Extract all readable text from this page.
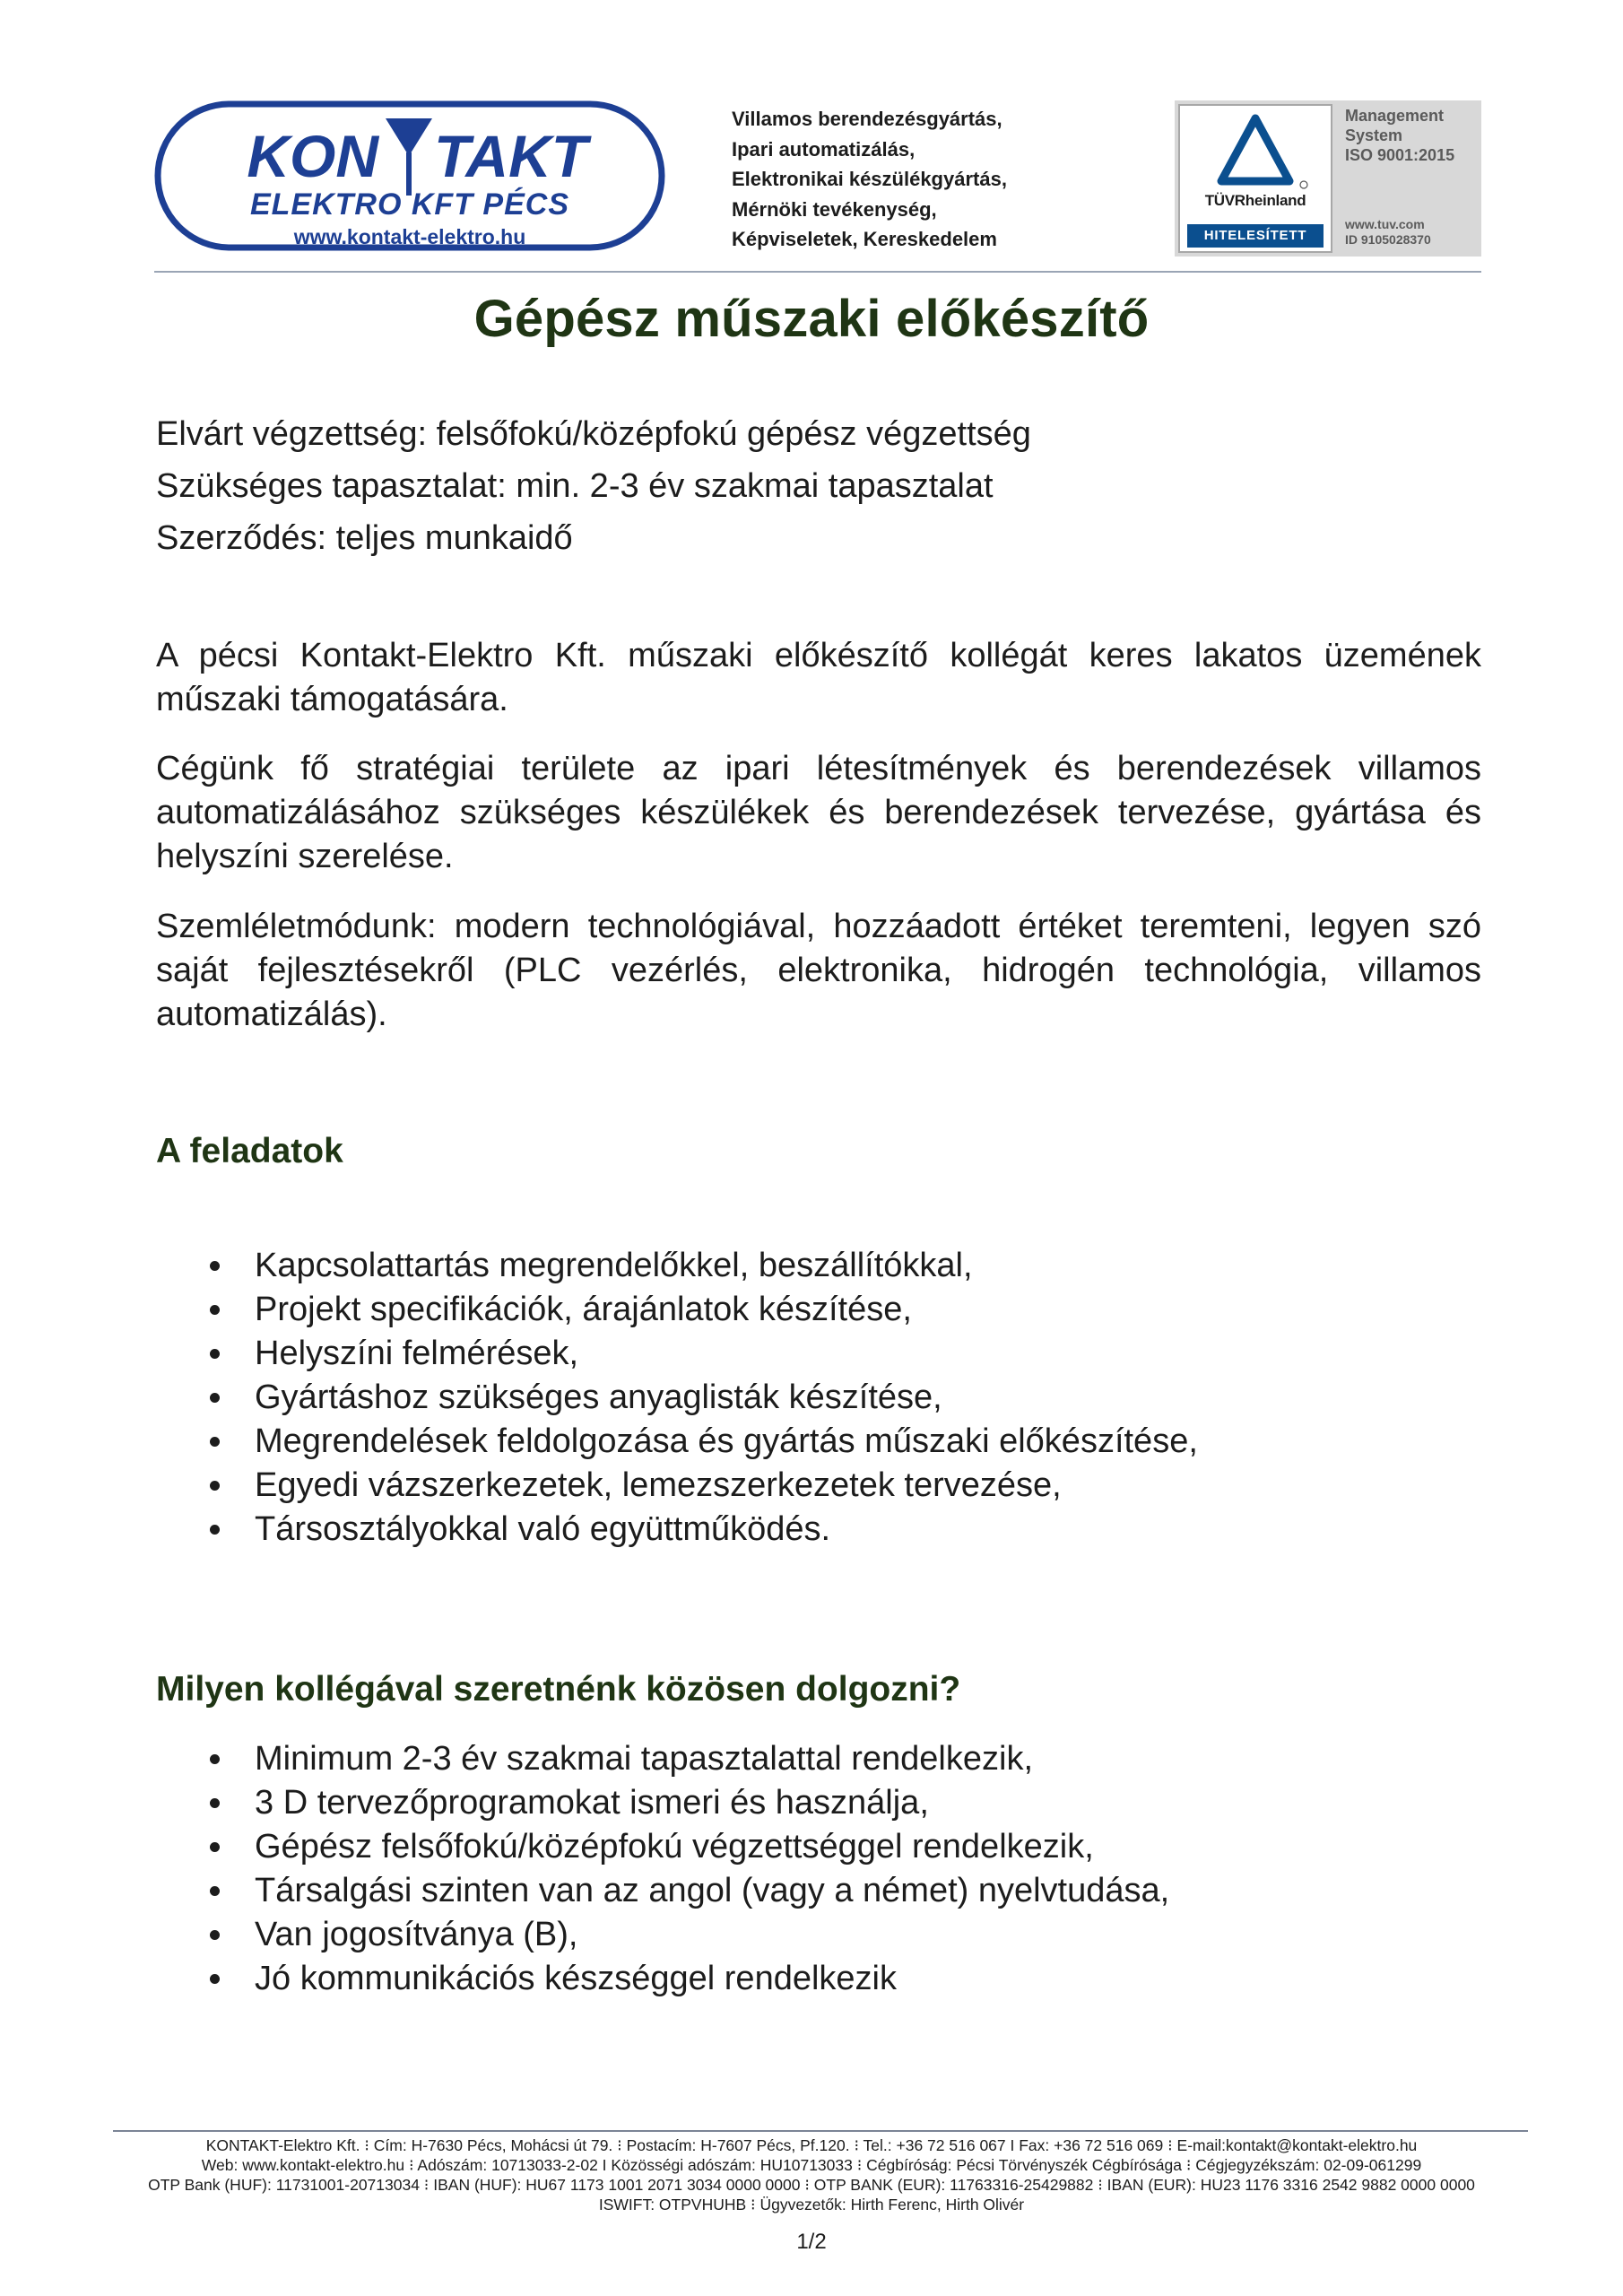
KON TAKT
ELEKTRO KFT PÉCS
www.kontakt-elektro.hu
Villamos berendezésgyártás,
Ipari automatizálás,
Elektronikai készülékgyártás,
Mérnöki tevékenység,
Képviseletek, Kereskedelem
TÜVRheinland
HITELESÍTETT
Management
System
ISO 9001:2015
www.tuv.com
ID 9105028370
Gépész műszaki előkészítő
Elvárt végzettség: felsőfokú/középfokú gépész végzettség
Szükséges tapasztalat: min. 2-3 év szakmai tapasztalat
Szerződés: teljes munkaidő
A pécsi Kontakt-Elektro Kft. műszaki előkészítő kollégát keres lakatos üzemének műszaki támogatására.
Cégünk fő stratégiai területe az ipari létesítmények és berendezések villamos automatizálásához szükséges készülékek és berendezések tervezése, gyártása és helyszíni szerelése.
Szemléletmódunk: modern technológiával, hozzáadott értéket teremteni, legyen szó saját fejlesztésekről (PLC vezérlés, elektronika, hidrogén technológia, villamos automatizálás).
A feladatok
Kapcsolattartás megrendelőkkel, beszállítókkal,
Projekt specifikációk, árajánlatok készítése,
Helyszíni felmérések,
Gyártáshoz szükséges anyaglisták készítése,
Megrendelések feldolgozása és gyártás műszaki előkészítése,
Egyedi vázszerkezetek, lemezszerkezetek tervezése,
Társosztályokkal való együttműködés.
Milyen kollégával szeretnénk közösen dolgozni?
Minimum 2-3 év szakmai tapasztalattal rendelkezik,
3 D tervezőprogramokat ismeri és használja,
Gépész felsőfokú/középfokú végzettséggel rendelkezik,
Társalgási szinten van az angol (vagy a német) nyelvtudása,
Van jogosítványa (B),
Jó kommunikációs készséggel rendelkezik
KONTAKT-Elektro Kft. ⁝ Cím: H-7630 Pécs, Mohácsi út 79. ⁝ Postacím: H-7607 Pécs, Pf.120. ⁝ Tel.: +36 72 516 067 I Fax: +36 72 516 069 ⁝ E-mail:kontakt@kontakt-elektro.hu
Web: www.kontakt-elektro.hu ⁝ Adószám: 10713033-2-02 I Közösségi adószám: HU10713033 ⁝ Cégbíróság: Pécsi Törvényszék Cégbírósága ⁝ Cégjegyzékszám: 02-09-061299
OTP Bank (HUF): 11731001-20713034 ⁝ IBAN (HUF): HU67 1173 1001 2071 3034 0000 0000 ⁝ OTP BANK (EUR): 11763316-25429882 ⁝ IBAN (EUR): HU23 1176 3316 2542 9882 0000 0000
ISWIFT: OTPVHUHB ⁝ Ügyvezetők: Hirth Ferenc, Hirth Olivér
1/2
